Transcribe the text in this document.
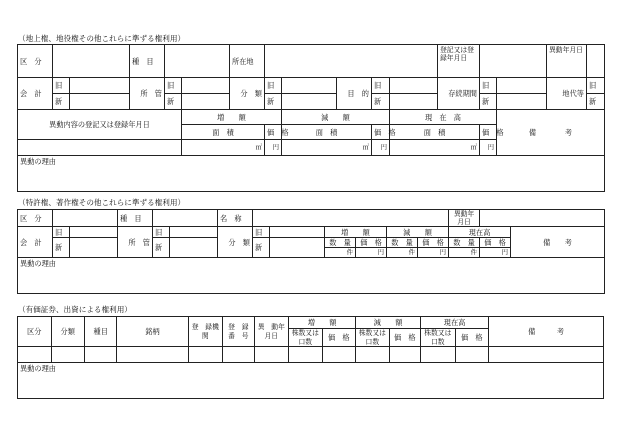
（地上権、地役権その他これらに準ずる権利用）
区　分			種　目			所在地						登記又は登録年月日			異動年月日	
会　計	旧		所　管	旧		分　類	旧		目　的	旧		存続期間	旧		地代等	旧
	新			新			新			新			新			新
異動内容の登記又は登録年月日					増　　額			減　　額			現　在　高			備　　　　考		
					面　積		価　格	面　積		価　格	面　積		価　格			
					㎡		円	㎡		円	㎡		円			
異動の理由																
（特許権、著作権その他これらに準ずる権利用）
区　分			種　目			名　称							異動年月日		
会　計	旧		所　管	旧		分　類	旧		増　　額		減　　額		現在高		備　　考
	新			新			新		数　量	価　格	数　量	価　格	数　量	価　格	
									件	円	件	円	件	円	
異動の理由															
（有価証券、出資による権利用）
区分	分類	種目	銘柄	登　録機　関	登　録番　号	異　動年月日	増　　額		減　　額		現在高		備　　　考
							株数又は口数	価　格	株数又は口数	価　格	株数又は口数	価　格	

異動の理由													
